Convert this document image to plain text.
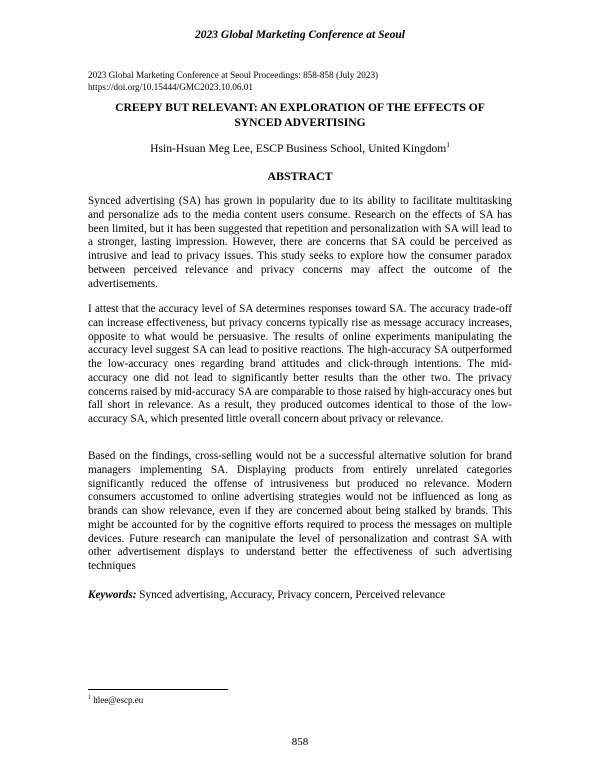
2023 Global Marketing Conference at Seoul
2023 Global Marketing Conference at Seoul Proceedings: 858-858 (July 2023)
https://doi.org/10.15444/GMC2023.10.06.01
CREEPY BUT RELEVANT: AN EXPLORATION OF THE EFFECTS OF
SYNCED ADVERTISING
Hsin-Hsuan Meg Lee, ESCP Business School, United Kingdom$^1$
ABSTRACT

Synced advertising (SA) has grown in popularity due to its ability to facilitate multitasking and personalize ads to the media content users consume. Research on the effects of SA has been limited, but it has been suggested that repetition and personalization with SA will lead to a stronger, lasting impression. However, there are concerns that SA could be perceived as intrusive and lead to privacy issues. This study seeks to explore how the consumer paradox between perceived relevance and privacy concerns may affect the outcome of the advertisements.

I attest that the accuracy level of SA determines responses toward SA. The accuracy trade-off can increase effectiveness, but privacy concerns typically rise as message accuracy increases, opposite to what would be persuasive. The results of online experiments manipulating the accuracy level suggest SA can lead to positive reactions. The high-accuracy SA outperformed the low-accuracy ones regarding brand attitudes and click-through intentions. The mid-accuracy one did not lead to significantly better results than the other two. The privacy concerns raised by mid-accuracy SA are comparable to those raised by high-accuracy ones but fall short in relevance. As a result, they produced outcomes identical to those of the low-accuracy SA, which presented little overall concern about privacy or relevance.

Based on the findings, cross-selling would not be a successful alternative solution for brand managers implementing SA. Displaying products from entirely unrelated categories significantly reduced the offense of intrusiveness but produced no relevance. Modern consumers accustomed to online advertising strategies would not be influenced as long as brands can show relevance, even if they are concerned about being stalked by brands. This might be accounted for by the cognitive efforts required to process the messages on multiple devices. Future research can manipulate the level of personalization and contrast SA with other advertisement displays to understand better the effectiveness of such advertising techniques

Keywords: Synced advertising, Accuracy, Privacy concern, Perceived relevance
$^1$ hlee@escp.eu
858
